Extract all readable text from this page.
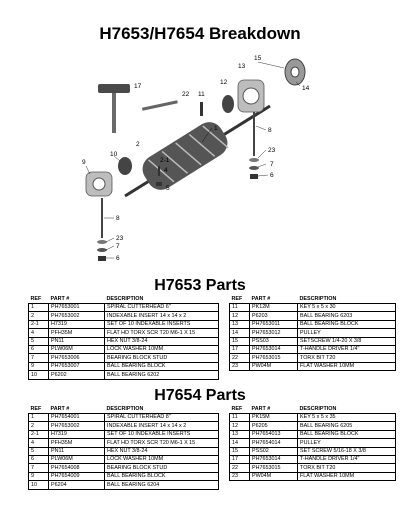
H7653/H7654 Breakdown
1
2
2-1
4
5
6
7
8
9
10
11
12
13
14
15
17
22
23
7
23
8
6
H7653 Parts
REF	PART #	DESCRIPTION		REF	PART #	DESCRIPTION
1	PH7653001	SPIRAL CUTTERHEAD 6"		11	PK12M	KEY 5 x 5 x 30
2	PH7653002	INDEXABLE INSERT 14 x 14 x 2		12	P6203	BALL BEARING 6203
2-1	H7319	SET OF 10 INDEXABLE INSERTS		13	PH7653011	BALL BEARING BLOCK
4	PFH35M	FLAT HD TORX SCR T20 M6-1 X 15		14	PH7653012	PULLEY
5	PN11	HEX NUT 3/8-24		15	PSS03	SETSCREW 1/4-20 X 3/8
6	PLW06M	LOCK WASHER 10MM		17	PH7653014	T-HANDLE DRIVER 1/4"
7	PH7653006	BEARING BLOCK STUD		22	PH7653015	TORX BIT T20
9	PH7653007	BALL BEARING BLOCK		23	PW04M	FLAT WASHER 10MM
10	P6202	BALL BEARING 6202				
H7654 Parts
REF	PART #	DESCRIPTION		REF	PART #	DESCRIPTION
1	PH7654001	SPIRAL CUTTERHEAD 8"		11	PK15M	KEY 5 x 5 x 35
2	PH7653002	INDEXABLE INSERT 14 x 14 x 2		12	P6205	BALL BEARING 6205
2-1	H7319	SET OF 10 INDEXABLE INSERTS		13	PH7654013	BALL BEARING BLOCK
4	PFH35M	FLAT HD TORX SCR T20 M6-1 X 15		14	PH7654014	PULLEY
5	PN11	HEX NUT 3/8-24		15	PSS02	SET SCREW 5/16-18 X 3/8
6	PLW06M	LOCK WASHER 10MM		17	PH7653014	T-HANDLE DRIVER 1/4"
7	PH7654008	BEARING BLOCK STUD		22	PH7653015	TORX BIT T20
9	PH7654009	BALL BEARING BLOCK		23	PW04M	FLAT WASHER 10MM
10	P6204	BALL BEARING 6204				
